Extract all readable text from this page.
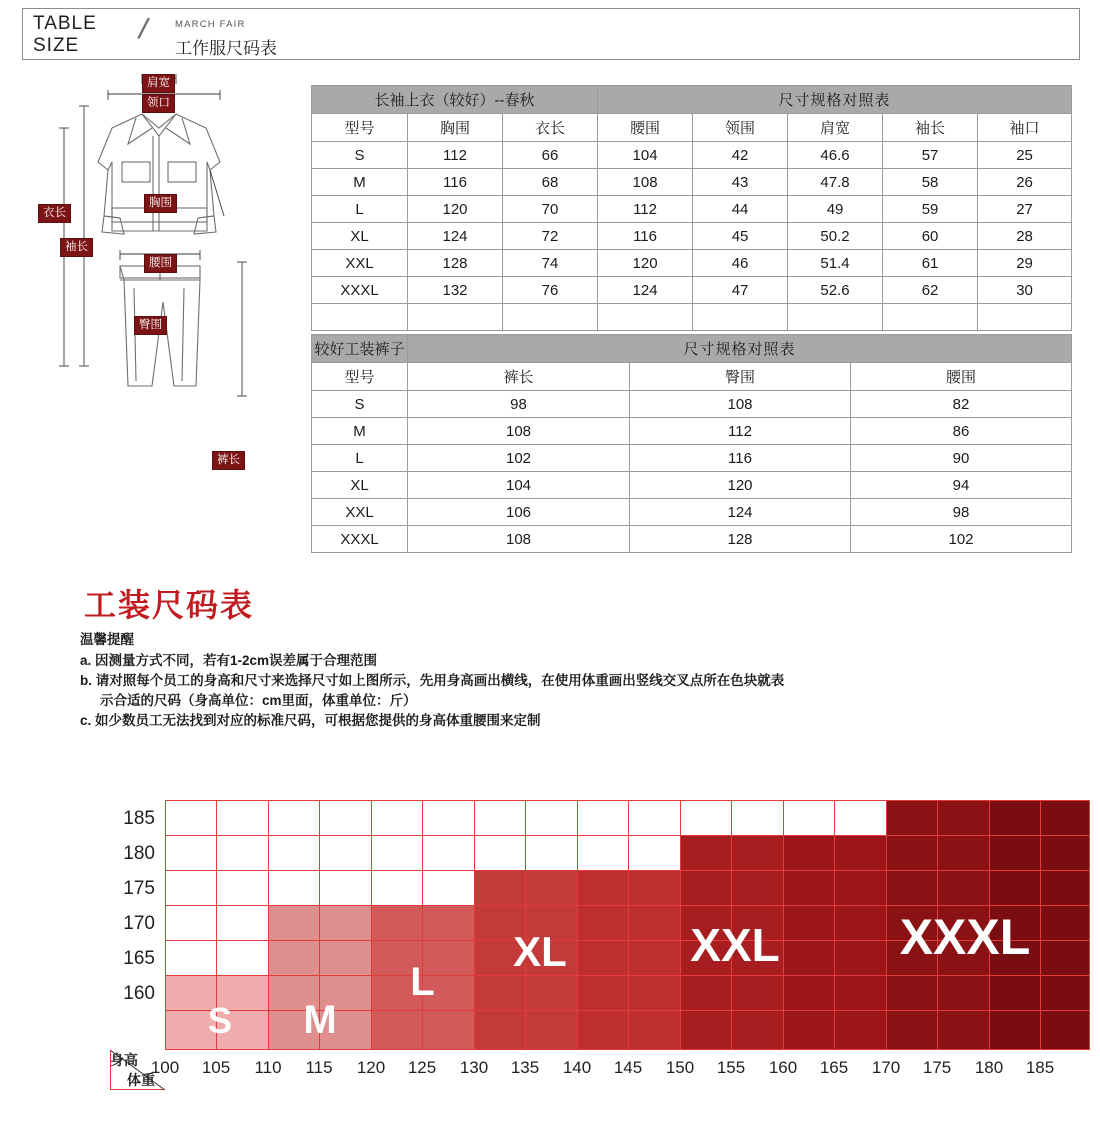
TABLE
SIZE	/	MARCH FAIR
工作服尺码表
肩宽
领口
胸围
腰围
衣长
袖长
臀围
裤长
长袖上衣（较好）--春秋			尺寸规格对照表				
型号	胸围	衣长	腰围	领围	肩宽	袖长	袖口
S	112	66	104	42	46.6	57	25
M	116	68	108	43	47.8	58	26
L	120	70	112	44	49	59	27
XL	124	72	116	45	50.2	60	28
XXL	128	74	120	46	51.4	61	29
XXXL	132	76	124	47	52.6	62	30

较好工装裤子	尺寸规格对照表		
型号	裤长	臀围	腰围
S	98	108	82
M	108	112	86
L	102	116	90
XL	104	120	94
XXL	106	124	98
XXXL	108	128	102
工装尺码表
温馨提醒
a. 因测量方式不同，若有1-2cm误差属于合理范围
b. 请对照每个员工的身高和尺寸来选择尺寸如上图所示，先用身高画出横线，在使用体重画出竖线交叉点所在色块就表
示合适的尺码（身高单位：cm里面，体重单位：斤）
c. 如少数员工无法找到对应的标准尺码，可根据您提供的身高体重腰围来定制
S	M
L
XL	XXL	XXXL
185
180
175
170
165
160
身高
体重
100	105	110	115	120	125	130	135	140	145	150	155	160	165	170	175	180	185
